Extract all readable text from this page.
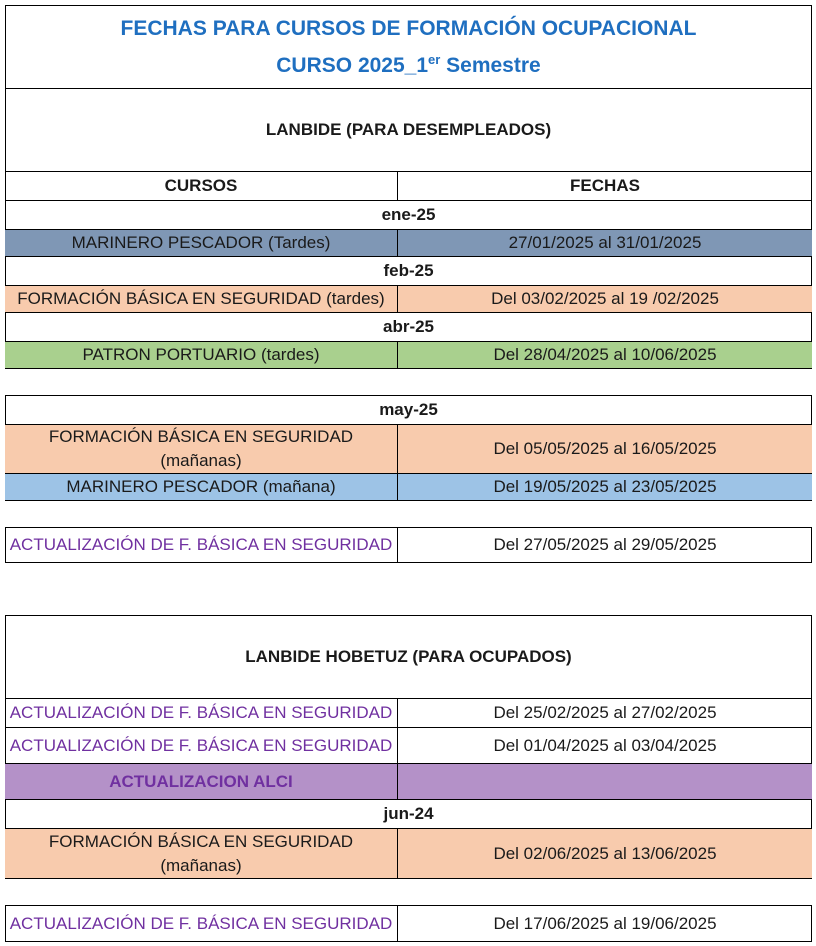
FECHAS PARA CURSOS DE FORMACIÓN OCUPACIONAL
CURSO 2025_1er Semestre
LANBIDE (PARA DESEMPLEADOS)
CURSOS	FECHAS
ene-25
MARINERO PESCADOR (Tardes)	27/01/2025 al 31/01/2025
feb-25
FORMACIÓN BÁSICA EN SEGURIDAD (tardes)	Del 03/02/2025 al 19 /02/2025
abr-25
PATRON PORTUARIO (tardes)	Del 28/04/2025 al 10/06/2025
may-25
FORMACIÓN BÁSICA EN SEGURIDAD
(mañanas)
Del 05/05/2025 al 16/05/2025
MARINERO PESCADOR (mañana)	Del 19/05/2025 al 23/05/2025
ACTUALIZACIÓN DE F. BÁSICA EN SEGURIDAD	Del 27/05/2025 al 29/05/2025
LANBIDE HOBETUZ (PARA OCUPADOS)
ACTUALIZACIÓN DE F. BÁSICA EN SEGURIDAD	Del 25/02/2025 al 27/02/2025
ACTUALIZACIÓN DE F. BÁSICA EN SEGURIDAD	Del 01/04/2025 al 03/04/2025
ACTUALIZACION ALCI
jun-24
FORMACIÓN BÁSICA EN SEGURIDAD
(mañanas)
Del 02/06/2025 al 13/06/2025
ACTUALIZACIÓN DE F. BÁSICA EN SEGURIDAD	Del 17/06/2025 al 19/06/2025
